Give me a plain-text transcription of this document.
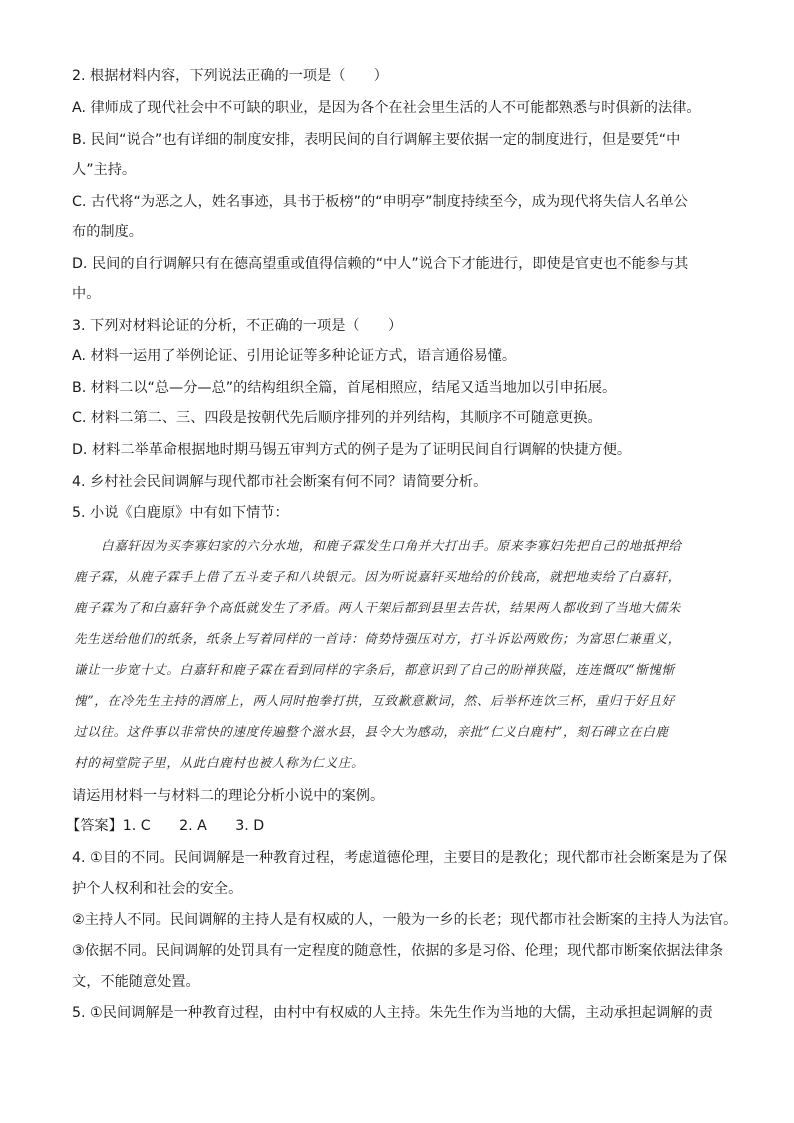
2. 根据材料内容，下列说法正确的一项是（　　）
A. 律师成了现代社会中不可缺的职业，是因为各个在社会里生活的人不可能都熟悉与时俱新的法律。
B. 民间“说合”也有详细的制度安排，表明民间的自行调解主要依据一定的制度进行，但是要凭“中
人”主持。
C. 古代将“为恶之人，姓名事迹，具书于板榜”的“申明亭”制度持续至今，成为现代将失信人名单公
布的制度。
D. 民间的自行调解只有在德高望重或值得信赖的“中人”说合下才能进行，即使是官吏也不能参与其
中。
3. 下列对材料论证的分析，不正确的一项是（　　）
A. 材料一运用了举例论证、引用论证等多种论证方式，语言通俗易懂。
B. 材料二以“总—分—总”的结构组织全篇，首尾相照应，结尾又适当地加以引申拓展。
C. 材料二第二、三、四段是按朝代先后顺序排列的并列结构，其顺序不可随意更换。
D. 材料二举革命根据地时期马锡五审判方式的例子是为了证明民间自行调解的快捷方便。
4. 乡村社会民间调解与现代都市社会断案有何不同？请简要分析。
5. 小说《白鹿原》中有如下情节：
白嘉轩因为买李寡妇家的六分水地，和鹿子霖发生口角并大打出手。原来李寡妇先把自己的地抵押给
鹿子霖，从鹿子霖手上借了五斗麦子和八块银元。因为听说嘉轩买地给的价钱高，就把地卖给了白嘉轩，
鹿子霖为了和白嘉轩争个高低就发生了矛盾。两人干架后都到县里去告状，结果两人都收到了当地大儒朱
先生送给他们的纸条，纸条上写着同样的一首诗：倚势恃强压对方，打斗诉讼两败伤；为富思仁兼重义，
谦让一步宽十丈。白嘉轩和鹿子霖在看到同样的字条后，都意识到了自己的盼禅狭隘，连连慨叹“惭愧惭
愧”，在冷先生主持的酒席上，两人同时抱拳打拱，互致歉意歉词，然、后举杯连饮三杯，重归于好且好
过以往。这件事以非常快的速度传遍整个滋水县，县令大为感动，亲批“仁义白鹿村”，刻石碑立在白鹿
村的祠堂院子里，从此白鹿村也被人称为仁义庄。
请运用材料一与材料二的理论分析小说中的案例。
【答案】1. C　　2. A　　3. D
4. ①目的不同。民间调解是一种教育过程，考虑道德伦理，主要目的是教化；现代都市社会断案是为了保
护个人权利和社会的安全。
②主持人不同。民间调解的主持人是有权威的人，一般为一乡的长老；现代都市社会断案的主持人为法官。
③依据不同。民间调解的处罚具有一定程度的随意性，依据的多是习俗、伦理；现代都市断案依据法律条
文，不能随意处置。
5. ①民间调解是一种教育过程，由村中有权威的人主持。朱先生作为当地的大儒，主动承担起调解的责
